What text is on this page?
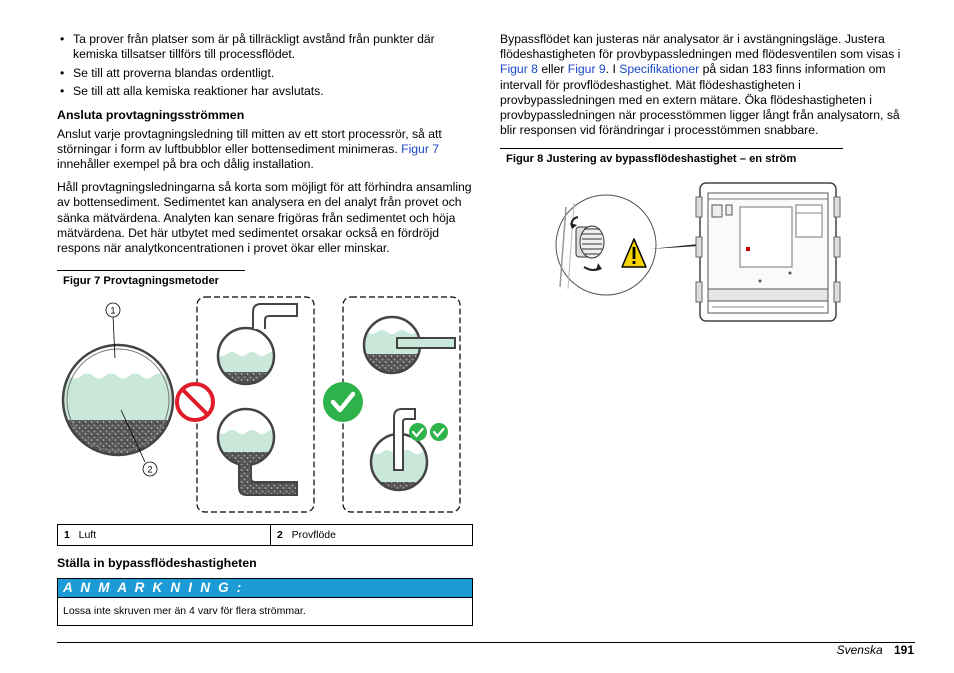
• Ta prover från platser som är på tillräckligt avstånd från punkter där kemiska tillsatser tillförs till processflödet.
• Se till att proverna blandas ordentligt.
• Se till att alla kemiska reaktioner har avslutats.
Ansluta provtagningsströmmen

Anslut varje provtagningsledning till mitten av ett stort processrör, så att störningar i form av luftbubblor eller bottensediment minimeras. Figur 7 innehåller exempel på bra och dålig installation.

Håll provtagningsledningarna så korta som möjligt för att förhindra ansamling av bottensediment. Sedimentet kan analysera en del analyt från provet och sänka mätvärdena. Analyten kan senare frigöras från sedimentet och höja mätvärdena. Det här utbytet med sedimentet orsakar också en fördröjd respons när analytkoncentrationen i provet ökar eller minskar.

Figur 7 Provtagningsmetoder
1
2
1 Luft	2 Provflöde
Ställa in bypassflödeshastigheten
A N M A R K N I N G :
Lossa inte skruven mer än 4 varv för flera strömmar.

Bypassflödet kan justeras när analysator är i avstängningsläge. Justera flödeshastigheten för provbypassledningen med flödesventilen som visas i Figur 8 eller Figur 9. I Specifikationer på sidan 183 finns information om intervall för provflödeshastighet. Mät flödeshastigheten i provbypassledningen med en extern mätare. Öka flödeshastigheten i provbypassledningen när processtömmen ligger långt från analysatorn, så blir responsen vid förändringar i processtömmen snabbare.

Figur 8 Justering av bypassflödeshastighet – en ström
Svenska 191
